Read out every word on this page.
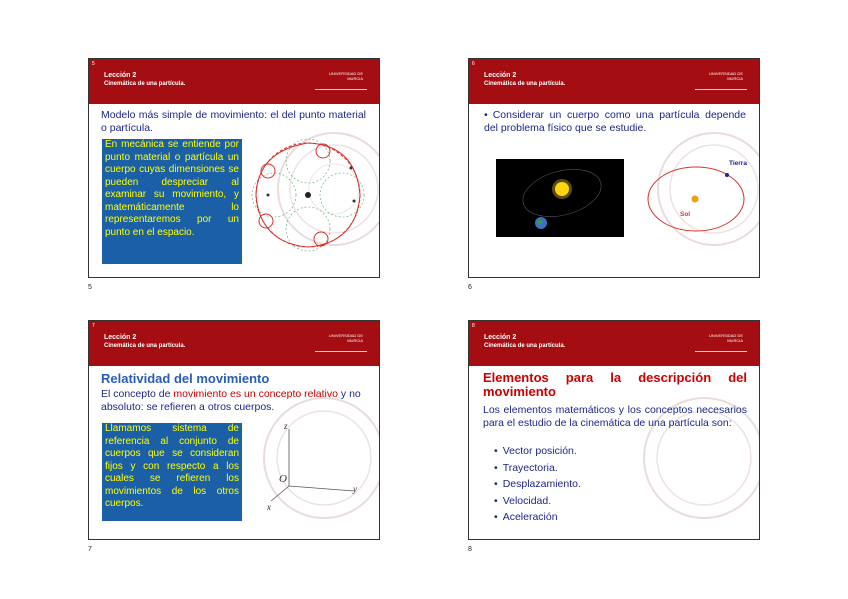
5
Lección 2
Cinemática de una partícula.
UNIVERSIDAD DE MURCIA
Modelo más simple de movimiento: el del punto material o partícula.
En mecánica se entiende por punto material o partícula un cuerpo cuyas dimensiones se pueden despreciar al examinar su movimiento, y matemáticamente lo representaremos por un punto en el espacio.
5
6
Lección 2
Cinemática de una partícula.
UNIVERSIDAD DE MURCIA
• Considerar un cuerpo como una partícula depende del problema físico que se estudie.
Tierra
Sol
6
7
Lección 2
Cinemática de una partícula.
UNIVERSIDAD DE MURCIA
Relatividad del movimiento
El concepto de movimiento es un concepto relativo y no absoluto: se refieren a otros cuerpos.
Llamamos sistema de referencia al conjunto de cuerpos que se consideran fijos y con respecto a los cuales se refieren los movimientos de los otros cuerpos.
z
y
x
O
7
8
Lección 2
Cinemática de una partícula.
UNIVERSIDAD DE MURCIA
Elementos para la descripción del movimiento
Los elementos matemáticos y los conceptos necesarios para el estudio de la cinemática de una partícula son:
• Vector posición.
• Trayectoria.
• Desplazamiento.
• Velocidad.
• Aceleración
8
